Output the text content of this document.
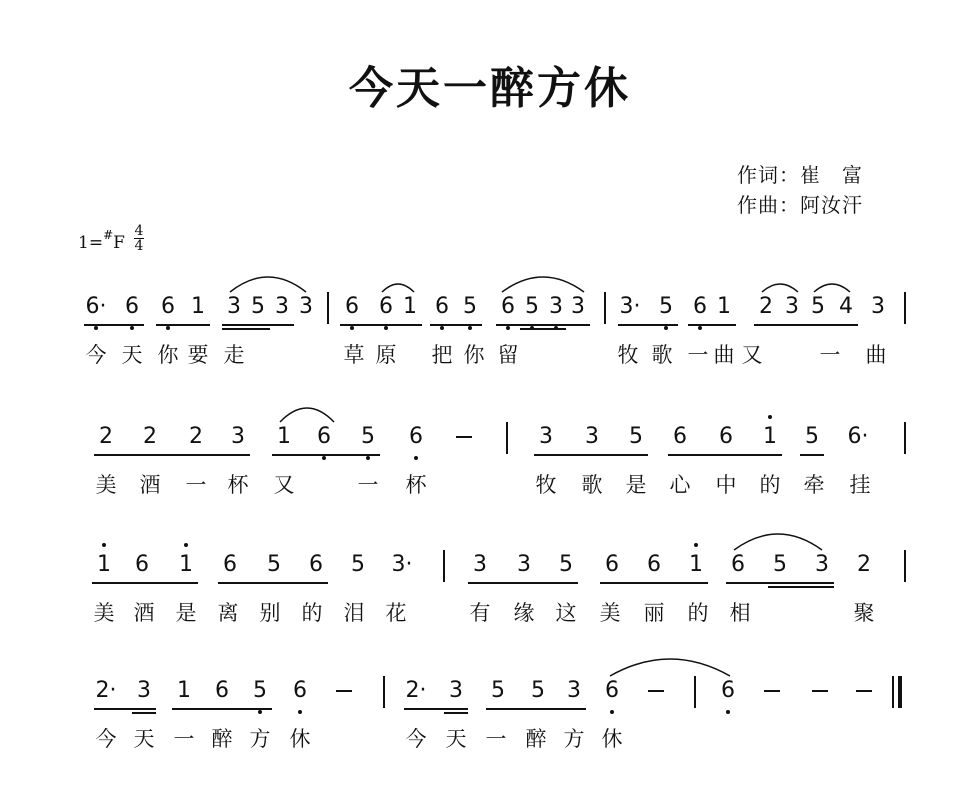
今天一醉方休
作词：崔　富
作曲：阿汝汗
1=#F
4
4
6· 6 6 1 3 5 3 3 6 6 1 6 5 6 5 3 3 3· 5 6 1 2 3 5 4 3
今 天 你 要 走	草 原 把 你 留	牧 歌 一 曲 又	一 曲
2 2 2 3 1 6 5 6	3 3 5 6 6 1 5 6·
美 酒 一 杯 又	一 杯	牧 歌 是 心 中 的 牵 挂
1 6 1 6 5 6 5 3·	3 3 5 6 6 1 6 5 3 2
美 酒 是 离 别 的 泪 花	有 缘 这 美 丽 的 相	聚
2· 3 1 6 5 6	2· 3 5 5 3 6	6
今 天 一 醉 方 休	今 天 一 醉 方 休
